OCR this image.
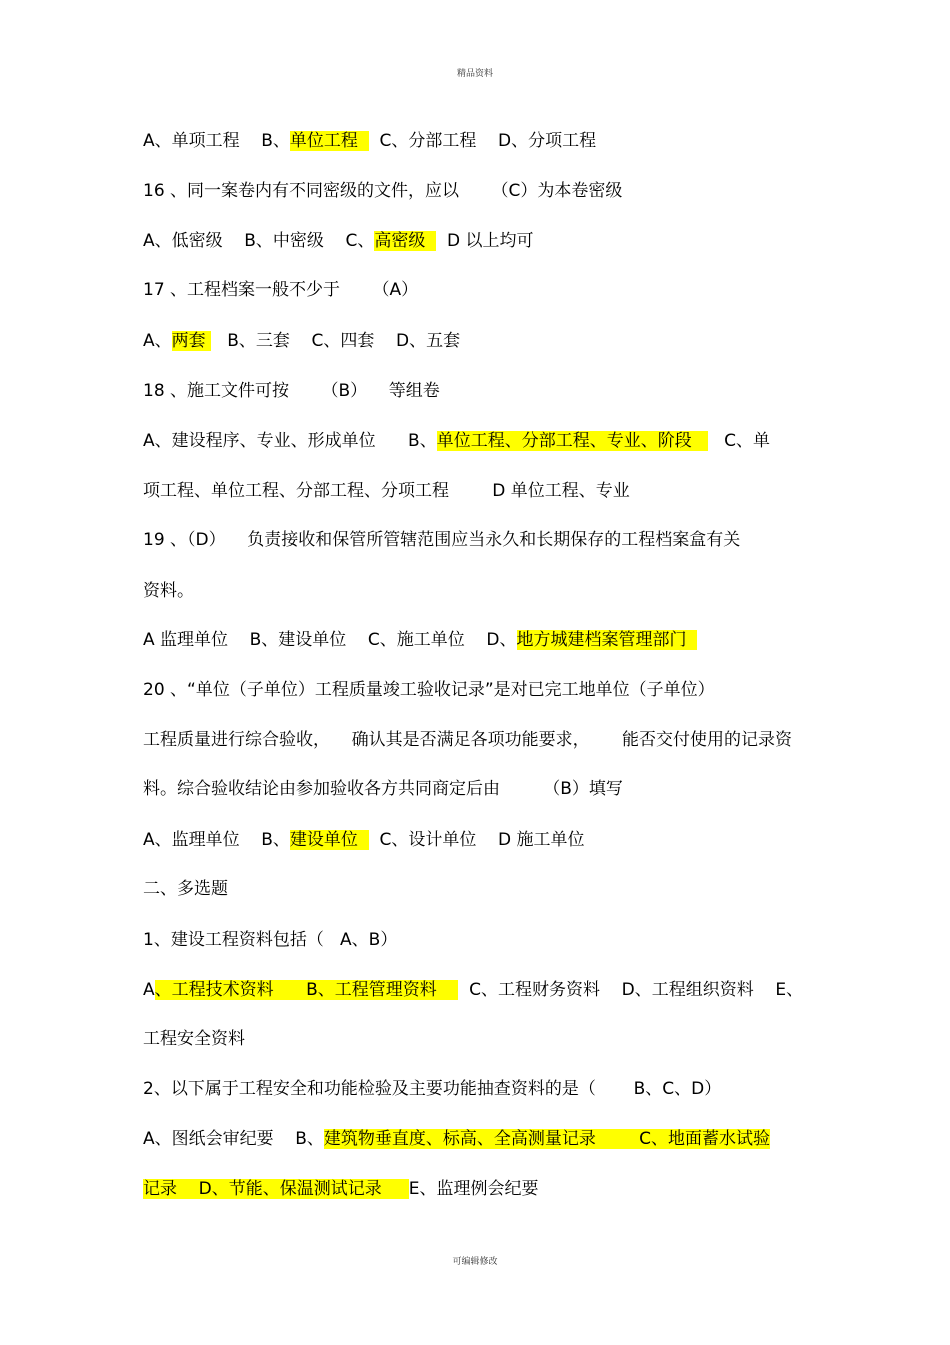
精品资料
A、单项工程    B、单位工程    C、分部工程    D、分项工程
16 、同一案卷内有不同密级的文件，应以      （C）为本卷密级
A、低密级    B、中密级    C、高密级    D 以上均可
17 、工程档案一般不少于      （A）
A、两套    B、三套    C、四套    D、五套
18 、施工文件可按      （B）    等组卷
A、建设程序、专业、形成单位      B、单位工程、分部工程、专业、阶段      C、单
项工程、单位工程、分部工程、分项工程        D 单位工程、专业
19 、（D）    负责接收和保管所管辖范围应当永久和长期保存的工程档案盒有关
资料。
A 监理单位    B、建设单位    C、施工单位    D、地方城建档案管理部门
20 、“单位（子单位）工程质量竣工验收记录”是对已完工地单位（子单位）
工程质量进行综合验收，    确认其是否满足各项功能要求，      能否交付使用的记录资
料。综合验收结论由参加验收各方共同商定后由        （B）填写
A、监理单位    B、建设单位    C、设计单位    D 施工单位
二、多选题
1、建设工程资料包括（   A、B）
A、工程技术资料      B、工程管理资料      C、工程财务资料    D、工程组织资料    E、
工程安全资料
2、以下属于工程安全和功能检验及主要功能抽查资料的是（       B、C、D）
A、图纸会审纪要    B、建筑物垂直度、标高、全高测量记录        C、地面蓄水试验
记录    D、节能、保温测试记录     E、监理例会纪要
可编辑修改
